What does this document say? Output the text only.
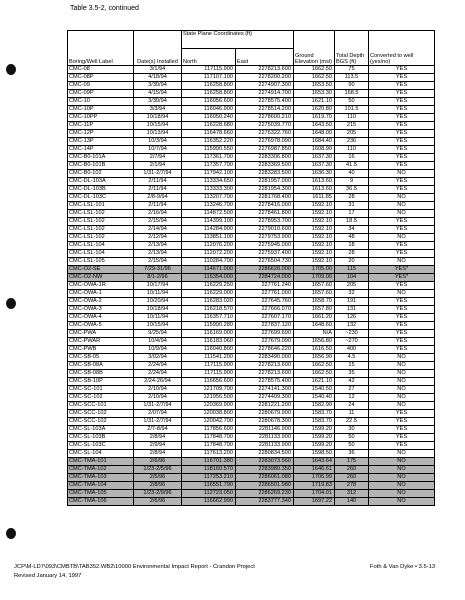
Table 3.5-2, continued
Boring/Well Label	Date(s) Installed	State Plane Coordinates (ft)		Ground Elevation (msl)	Total Depth BGS (ft)	Converted to well (yes/no)
		North	East			
CMC-08	3/1/94	117115.900	2278213.600	1662.50	75	YES
CMC-08P	4/18/94	117107.100	2278200.200	1662.50	113.5	YES
CMC-09	3/30/94	116258.800	2274907.300	1653.50	90	YES
CMC-09P	4/15/94	116258.800	2274914.700	1653.30	168.5	YES
CMC-10	3/30/94	116056.600	2278575.400	1621.10	50	YES
CMC-10P	3/3/94	116046.900	2278514.200	1620.80	101.5	YES
CMC-10PP	10/18/94	116050.240	2278600.210	1619.70	110	YES
CMC-11P	10/15/94	116228.680	2275039.770	1643.50	215	YES
CMC-12P	10/13/94	116478.660	2276322.760	1648.00	205	YES
CMC-13P	10/3/94	116352.220	2276978.090	1684.40	236	YES
CMC-14P	10/7/94	115990.550	2276987.850	1608.90	110	YES
CMC-B0-101A	2/7/94	117361.700	2283306.800	1637.30	16	YES
CMC-B0-101B	2/1/94	117357.700	2283369.500	1637.30	41.5	YES
CMC-B0-102	1/31-2/7/94	117942.100	2283283.500	1636.30	40	NO
CMC-DL-103A	2/11/94	113334.650	2281957.000	1613.60	9	YES
CMC-DL-103B	2/11/94	113333.300	2281954.300	1613.60	36.5	YES
CMC-DL-103C	2/8-9/94	113207.700	2281768.400	1611.85	28	NO
CMC-LSL-101	2/11/94	113246.700	2278416.000	1592.10	31	NO
CMC-LSL-102	2/16/94	114872.500	2278461.800	1592.10	17	NO
CMC-LSL-102	2/15/94	114399.100	2278953.700	1592.10	18.5	YES
CMC-LSL-102	2/14/94	114284.900	2279010.600	1592.10	34	YES
CMC-LSL-102	2/12/94	113851.100	2279753.900	1592.10	48	NO
CMC-LSL-104	2/13/94	112076.200	2275945.000	1592.10	18	YES
CMC-LSL-104	2/13/94	112072.200	2275937.400	1592.10	28	YES
CMC-LSL-105	2/15/94	110284.700	2276504.730	1592.10	20	NO
CMC-O2-SE	7/29-31/96	114671.000	2286628.000	1705.00	115	YES*
CMC-O2-NW	8/1-2/96	116354.000	2284724.000	1709.00	104	YES*
CMC-OWA-1R	10/17/94	116229.250	227761.240	1657.60	205	YES
CMC-OWA-1	10/11/94	116229.000	227761.000	1657.60	32	NO
CMC-OWA-2	10/20/94	116283.020	227645.760	1658.70	191	YES
CMC-OWA-3	10/18/94	116218.570	227666.070	1657.80	131	YES
CMC-OWA-4	10/11/94	116357.710	227607.170	1661.20	126	YES
CMC-OWA-5	10/15/94	115990.280	227837.120	1648.60	132	YES
CMC-PWA	9/25/94	116169.000	227699.690	N/A	~230	YES
CMC-PWAR	10/4/94	116183.060	227679.090	1656.80	~270	YES
CMC-PWB	10/9/94	116040.800	2278646.220	1616.50	400	YES
CMC-SB-05	3/02/94	111541.200	2283490.000	1656.90	4.5	NO
CMC-SB-08A	2/24/94	117115.900	2278213.600	1662.50	15	NO
CMC-SB-08B	2/24/94	117115.900	2278213.600	1662.50	35	NO
CMC-SB-10P	2/24-26/94	116656.600	2278575.400	1621.10	42	NO
CMC-SC-101	2/10/94	121709.700	2274141.300	1540.50	27	NO
CMC-SC-102	2/10/94	121956.500	2274409.300	1540.40	12	NO
CMC-SCC-101	1/31-2/7/94	120369.900	2281221.200	1582.90	24	NO
CMC-SCC-102	2/07/94	120038.800	2280679.900	1583.70	11	YES
CMC-SCC-102	1/31-2/7/94	120042.700	2280678.300	1583.70	22.5	YES
CMC-SL-103A	2/7-8/94	117856.600	2281146.900	1599.20	30	YES
CMC-SL-103B	2/8/94	117848.700	2281133.900	1599.20	50	YES
CMC-SL-103C	2/9/94	117848.700	2281133.900	1599.20	50	YES
CMC-SL-104	2/8/94	117613.200	2280834.500	1598.50	36	NO
CMC-TMA-101	2/6/96	116701.380	2283073.560	1643.64	175	NO
CMC-TMA-102	1/23-2/5/96	118160.570	2283980.350	1646.61	260	NO
CMC-TMA-103	2/5/96	117253.210	2286061.080	1706.99	260	NO
CMC-TMA-104	2/8/96	116551.790	2286501.980	1719.83	278	NO
CMC-TMA-105	1/23-2/9/96	112723.050	2286269.230	1704.01	312	NO
CMC-TMA-106	2/6/96	116662.990	2283777.340	1697.22	140	NO
JCP\M-LD7\093\CMBTB\TAB352.WB2\10000 Environmental Impact Report - Crandon Project
Revised January 14, 1997
Foth & Van Dyke • 3.5-13
